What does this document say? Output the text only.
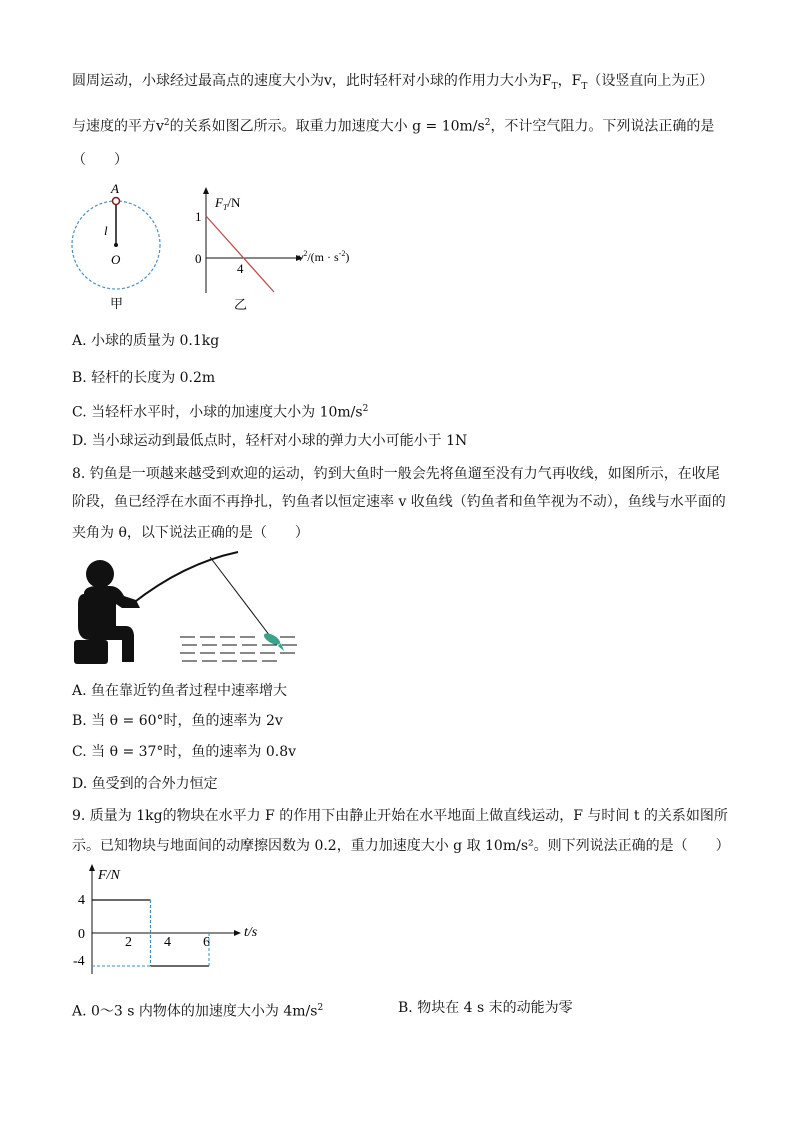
圆周运动，小球经过最高点的速度大小为v，此时轻杆对小球的作用力大小为$F_T$，$F_T$（设竖直向上为正）
与速度的平方$v^2$的关系如图乙所示。取重力加速度大小 $g = 10m/s^2$，不计空气阻力。下列说法正确的是
（　　）
A
l
O
甲
$F_T/N$
1
0
4
$v^2/(m \cdot s^{-2})$
乙
A. 小球的质量为 0.1kg
B. 轻杆的长度为 0.2m
C. 当轻杆水平时，小球的加速度大小为 $10m/s^2$
D. 当小球运动到最低点时，轻杆对小球的弹力大小可能小于 1N
8. 钓鱼是一项越来越受到欢迎的运动，钓到大鱼时一般会先将鱼遛至没有力气再收线，如图所示，在收尾
阶段，鱼已经浮在水面不再挣扎，钓鱼者以恒定速率 v 收鱼线（钓鱼者和鱼竿视为不动），鱼线与水平面的
夹角为 θ，以下说法正确的是（　　）
A. 鱼在靠近钓鱼者过程中速率增大
B. 当 θ = 60°时，鱼的速率为 2v
C. 当 θ = 37°时，鱼的速率为 0.8v
D. 鱼受到的合外力恒定
9. 质量为 1kg的物块在水平力 F 的作用下由静止开始在水平地面上做直线运动，F 与时间 t 的关系如图所
示。已知物块与地面间的动摩擦因数为 0.2，重力加速度大小 g 取 10m/s²。则下列说法正确的是（　　）
F/N
t/s
4
0
-4
2 4 6
A. 0～3 s 内物体的加速度大小为 $4m/s^2$	B. 物块在 4 s 末的动能为零
